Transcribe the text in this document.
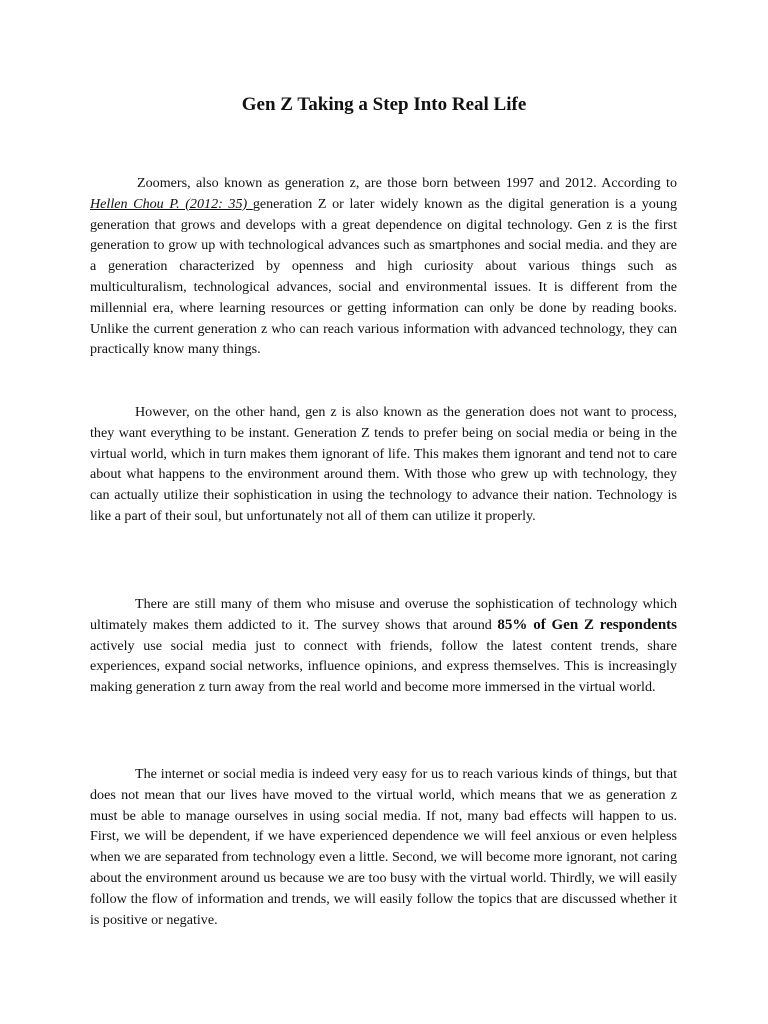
Gen Z Taking a Step Into Real Life

Zoomers, also known as generation z, are those born between 1997 and 2012. According to Hellen Chou P. (2012: 35) generation Z or later widely known as the digital generation is a young generation that grows and develops with a great dependence on digital technology. Gen z is the first generation to grow up with technological advances such as smartphones and social media. and they are a generation characterized by openness and high curiosity about various things such as multiculturalism, technological advances, social and environmental issues. It is different from the millennial era, where learning resources or getting information can only be done by reading books. Unlike the current generation z who can reach various information with advanced technology, they can practically know many things.

However, on the other hand, gen z is also known as the generation does not want to process, they want everything to be instant. Generation Z tends to prefer being on social media or being in the virtual world, which in turn makes them ignorant of life. This makes them ignorant and tend not to care about what happens to the environment around them. With those who grew up with technology, they can actually utilize their sophistication in using the technology to advance their nation. Technology is like a part of their soul, but unfortunately not all of them can utilize it properly.

There are still many of them who misuse and overuse the sophistication of technology which ultimately makes them addicted to it. The survey shows that around 85% of Gen Z respondents actively use social media just to connect with friends, follow the latest content trends, share experiences, expand social networks, influence opinions, and express themselves. This is increasingly making generation z turn away from the real world and become more immersed in the virtual world.

The internet or social media is indeed very easy for us to reach various kinds of things, but that does not mean that our lives have moved to the virtual world, which means that we as generation z must be able to manage ourselves in using social media. If not, many bad effects will happen to us. First, we will be dependent, if we have experienced dependence we will feel anxious or even helpless when we are separated from technology even a little. Second, we will become more ignorant, not caring about the environment around us because we are too busy with the virtual world. Thirdly, we will easily follow the flow of information and trends, we will easily follow the topics that are discussed whether it is positive or negative.
